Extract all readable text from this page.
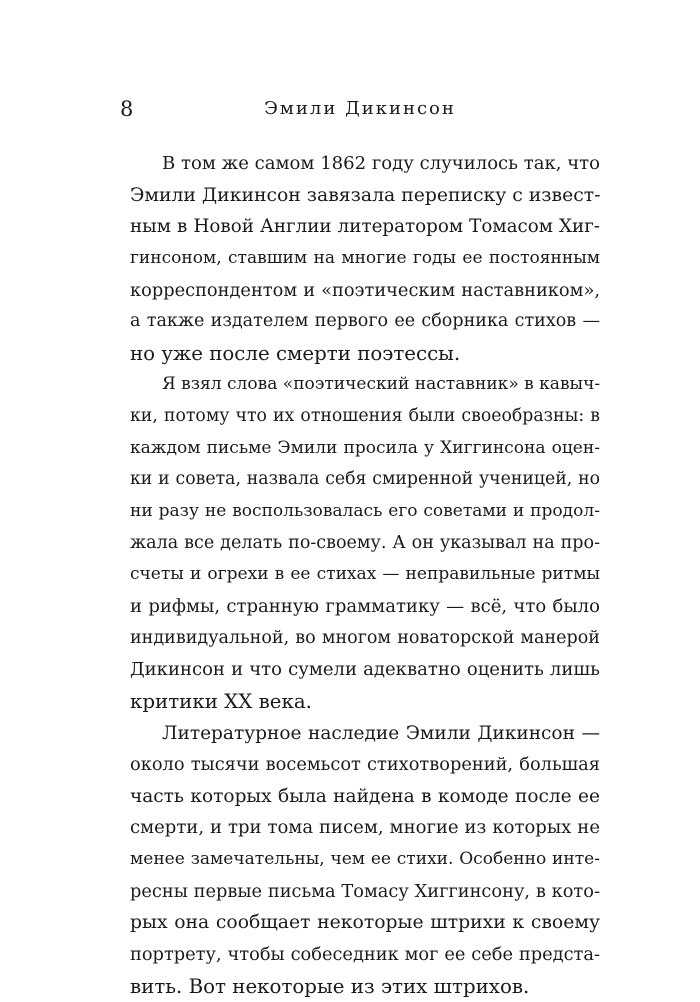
8	Эмили Дикинсон
В том же самом 1862 году случилось так, что
Эмили Дикинсон завязала переписку с извест-
ным в Новой Англии литератором Томасом Хиг-
гинсоном, ставшим на многие годы ее постоянным
корреспондентом и «поэтическим наставником»,
а также издателем первого ее сборника стихов —
но уже после смерти поэтессы.
Я взял слова «поэтический наставник» в кавыч-
ки, потому что их отношения были своеобразны: в
каждом письме Эмили просила у Хиггинсона оцен-
ки и совета, назвала себя смиренной ученицей, но
ни разу не воспользовалась его советами и продол-
жала все делать по-своему. А он указывал на про-
счеты и огрехи в ее стихах — неправильные ритмы
и рифмы, странную грамматику — всё, что было
индивидуальной, во многом новаторской манерой
Дикинсон и что сумели адекватно оценить лишь
критики XX века.
Литературное наследие Эмили Дикинсон —
около тысячи восемьсот стихотворений, большая
часть которых была найдена в комоде после ее
смерти, и три тома писем, многие из которых не
менее замечательны, чем ее стихи. Особенно инте-
ресны первые письма Томасу Хиггинсону, в кото-
рых она сообщает некоторые штрихи к своему
портрету, чтобы собеседник мог ее себе предста-
вить. Вот некоторые из этих штрихов.
